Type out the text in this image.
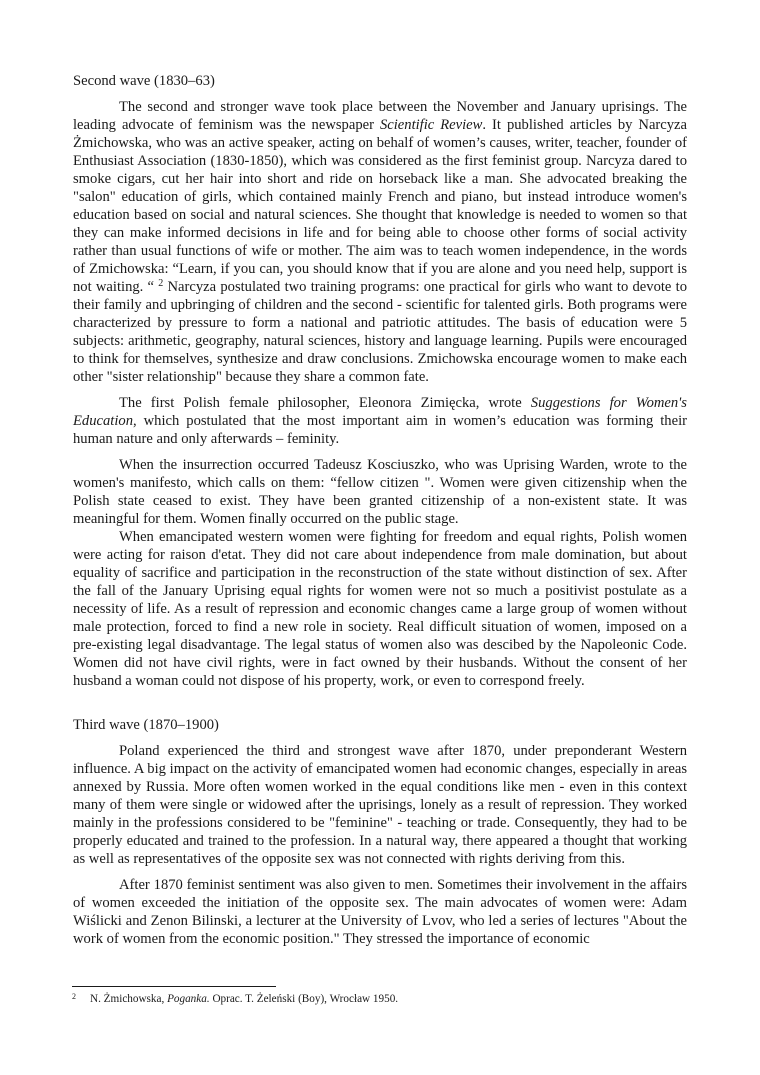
Second wave (1830–63)

The second and stronger wave took place between the November and January uprisings. The leading advocate of feminism was the newspaper Scientific Review. It published articles by Narcyza Żmichowska, who was an active speaker, acting on behalf of women’s causes, writer, teacher, founder of Enthusiast Association (1830-1850), which was considered as the first feminist group. Narcyza dared to smoke cigars, cut her hair into short and ride on horseback like a man. She advocated breaking the "salon" education of girls, which contained mainly French and piano, but instead introduce women's education based on social and natural sciences. She thought that knowledge is needed to women so that they can make informed decisions in life and for being able to choose other forms of social activity rather than usual functions of wife or mother. The aim was to teach women independence, in the words of Zmichowska: “Learn, if you can, you should know that if you are alone and you need help, support is not waiting. “ $^2$ Narcyza postulated two training programs: one practical for girls who want to devote to their family and upbringing of children and the second - scientific for talented girls. Both programs were characterized by pressure to form a national and patriotic attitudes. The basis of education were 5 subjects: arithmetic, geography, natural sciences, history and language learning. Pupils were encouraged to think for themselves, synthesize and draw conclusions. Zmichowska encourage women to make each other "sister relationship" because they share a common fate.

The first Polish female philosopher, Eleonora Zimięcka, wrote Suggestions for Women's Education, which postulated that the most important aim in women’s education was forming their human nature and only afterwards – feminity.

When the insurrection occurred Tadeusz Kosciuszko, who was Uprising Warden, wrote to the women's manifesto, which calls on them: “fellow citizen ". Women were given citizenship when the Polish state ceased to exist. They have been granted citizenship of a non-existent state. It was meaningful for them. Women finally occurred on the public stage.

When emancipated western women were fighting for freedom and equal rights, Polish women were acting for raison d'etat. They did not care about independence from male domination, but about equality of sacrifice and participation in the reconstruction of the state without distinction of sex. After the fall of the January Uprising equal rights for women were not so much a positivist postulate as a necessity of life. As a result of repression and economic changes came a large group of women without male protection, forced to find a new role in society. Real difficult situation of women, imposed on a pre-existing legal disadvantage. The legal status of women also was descibed by the Napoleonic Code. Women did not have civil rights, were in fact owned by their husbands. Without the consent of her husband a woman could not dispose of his property, work, or even to correspond freely.

Third wave (1870–1900)

Poland experienced the third and strongest wave after 1870, under preponderant Western influence. A big impact on the activity of emancipated women had economic changes, especially in areas annexed by Russia. More often women worked in the equal conditions like men - even in this context many of them were single or widowed after the uprisings, lonely as a result of repression. They worked mainly in the professions considered to be "feminine" - teaching or trade. Consequently, they had to be properly educated and trained to the profession. In a natural way, there appeared a thought that working as well as representatives of the opposite sex was not connected with rights deriving from this.

After 1870 feminist sentiment was also given to men. Sometimes their involvement in the affairs of women exceeded the initiation of the opposite sex. The main advocates of women were: Adam Wiślicki and Zenon Bilinski, a lecturer at the University of Lvov, who led a series of lectures "About the work of women from the economic position." They stressed the importance of economic

2 N. Żmichowska, Poganka. Oprac. T. Żeleński (Boy), Wrocław 1950.
